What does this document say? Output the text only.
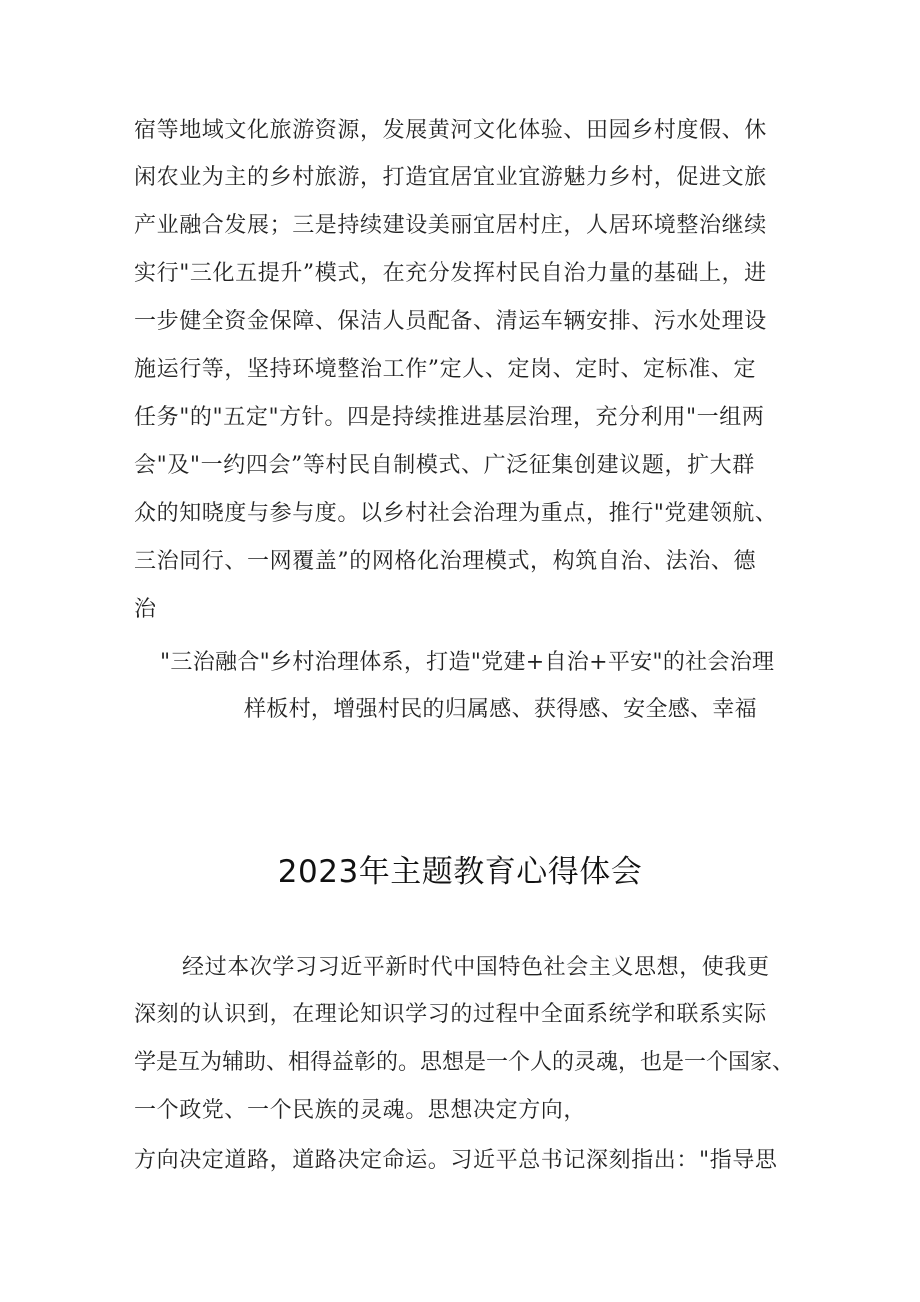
宿等地域文化旅游资源，发展黄河文化体验、田园乡村度假、休
闲农业为主的乡村旅游，打造宜居宜业宜游魅力乡村，促进文旅
产业融合发展；三是持续建设美丽宜居村庄，人居环境整治继续
实行"三化五提升”模式，在充分发挥村民自治力量的基础上，进
一步健全资金保障、保洁人员配备、清运车辆安排、污水处理设
施运行等，坚持环境整治工作”定人、定岗、定时、定标准、定
任务"的"五定"方针。四是持续推进基层治理，充分利用"一组两
会"及"一约四会”等村民自制模式、广泛征集创建议题，扩大群
众的知晓度与参与度。以乡村社会治理为重点，推行"党建领航、
三治同行、一网覆盖”的网格化治理模式，构筑自治、法治、德
治
"三治融合"乡村治理体系，打造"党建+自治+平安"的社会治理
样板村，增强村民的归属感、获得感、安全感、幸福
2023年主题教育心得体会
经过本次学习习近平新时代中国特色社会主义思想，使我更
深刻的认识到，在理论知识学习的过程中全面系统学和联系实际
学是互为辅助、相得益彰的。思想是一个人的灵魂，也是一个国家、
一个政党、一个民族的灵魂。思想决定方向，
方向决定道路，道路决定命运。习近平总书记深刻指出："指导思
